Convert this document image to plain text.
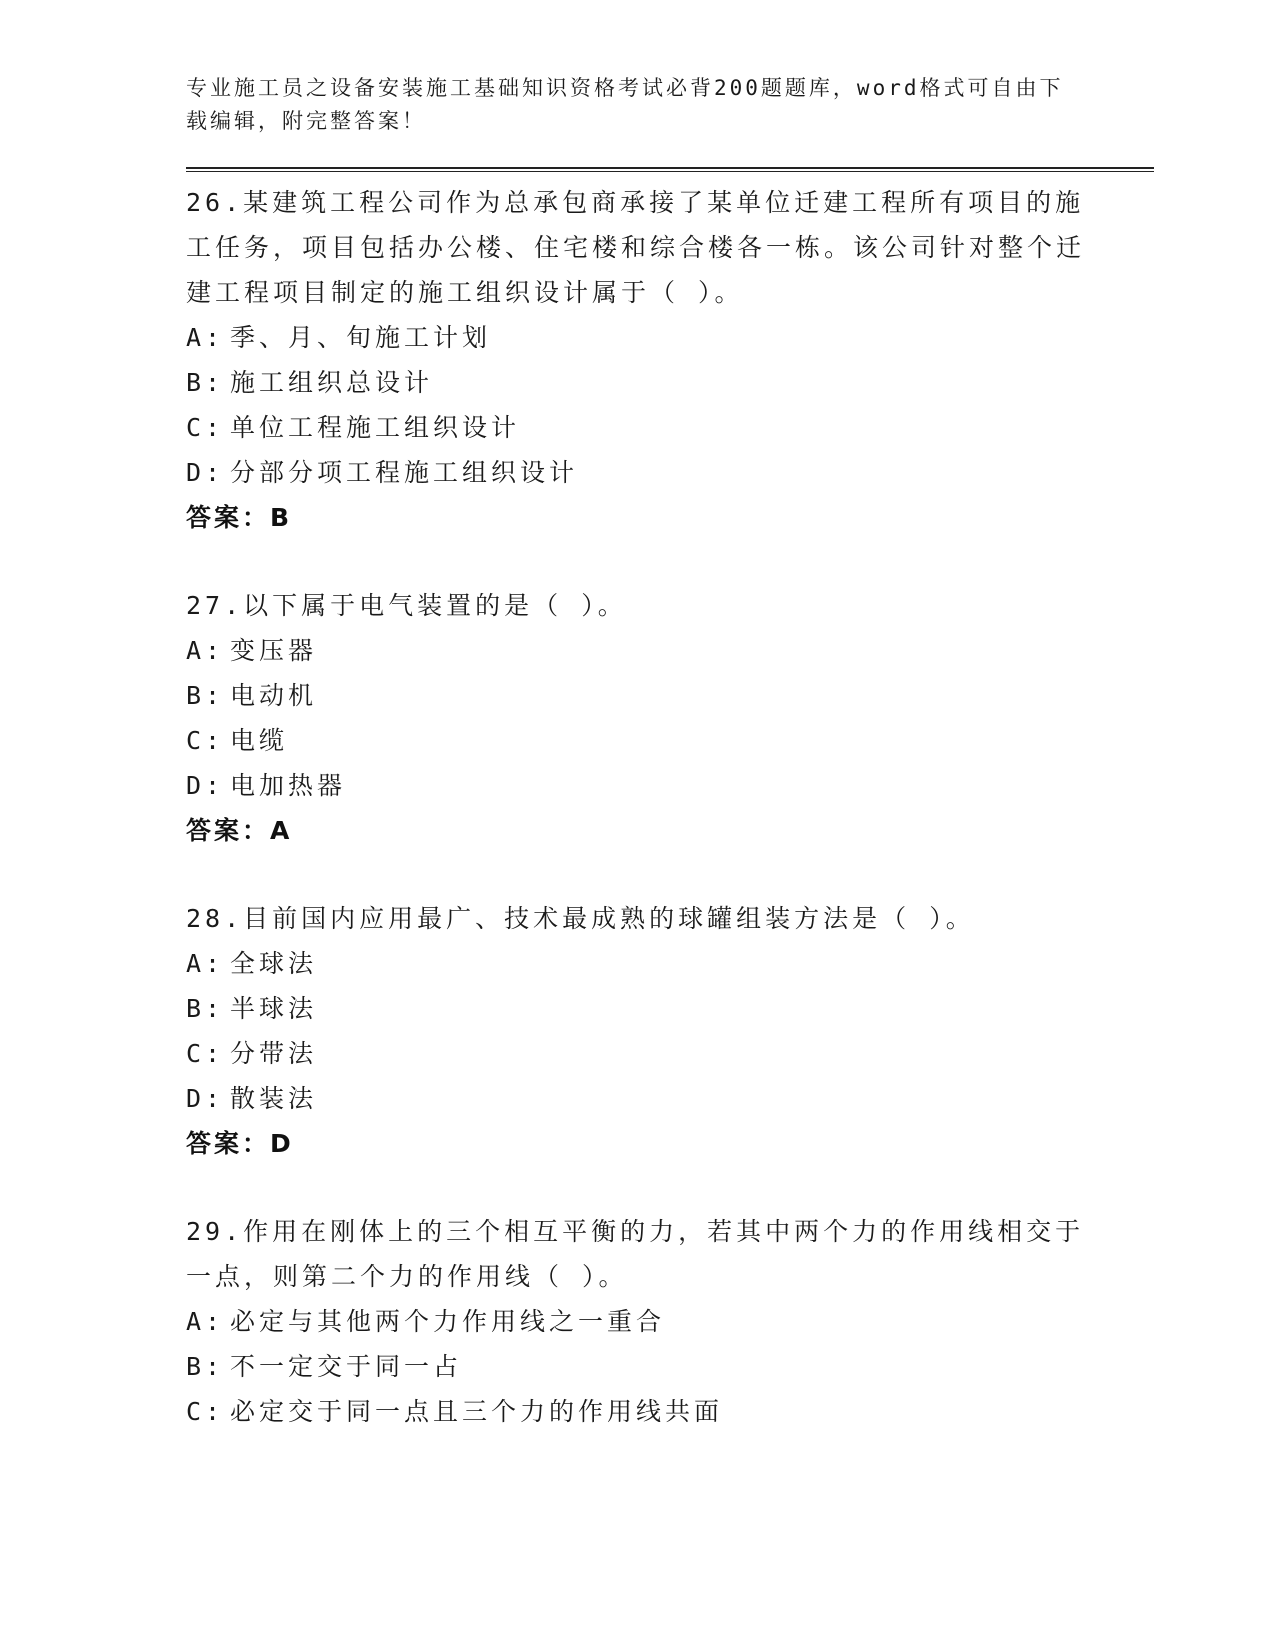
专业施工员之设备安装施工基础知识资格考试必背200题题库，word格式可自由下载编辑，附完整答案！
26.某建筑工程公司作为总承包商承接了某单位迁建工程所有项目的施工任务，项目包括办公楼、住宅楼和综合楼各一栋。该公司针对整个迁建工程项目制定的施工组织设计属于（ ）。
A: 季、月、旬施工计划
B: 施工组织总设计
C: 单位工程施工组织设计
D: 分部分项工程施工组织设计
答案：B
27.以下属于电气装置的是（ ）。
A: 变压器
B: 电动机
C: 电缆
D: 电加热器
答案：A
28.目前国内应用最广、技术最成熟的球罐组装方法是（ ）。
A: 全球法
B: 半球法
C: 分带法
D: 散装法
答案：D
29.作用在刚体上的三个相互平衡的力，若其中两个力的作用线相交于一点，则第二个力的作用线（ ）。
A: 必定与其他两个力作用线之一重合
B: 不一定交于同一占
C: 必定交于同一点且三个力的作用线共面
